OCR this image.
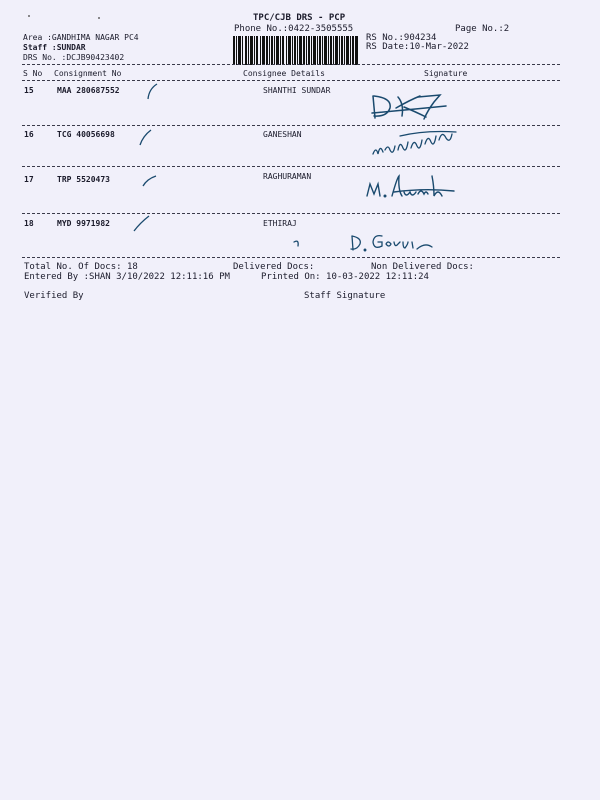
TPC/CJB DRS - PCP
Phone No.:0422-3505555	Page No.:2
Area :GANDHIMA NAGAR PC4
Staff :SUNDAR
DRS No. :DCJB90423402
RS No.:904234
RS Date:10-Mar-2022
S No Consignment No	Consignee Details	Signature
15	MAA 280687552	SHANTHI SUNDAR
16	TCG 40056698	GANESHAN
17	TRP 5520473	RAGHURAMAN
18	MYD 9971982	ETHIRAJ
Total No. Of Docs: 18	Delivered Docs:	Non Delivered Docs:
Entered By :SHAN 3/10/2022 12:11:16 PM	Printed On: 10-03-2022 12:11:24
Verified By	Staff Signature
